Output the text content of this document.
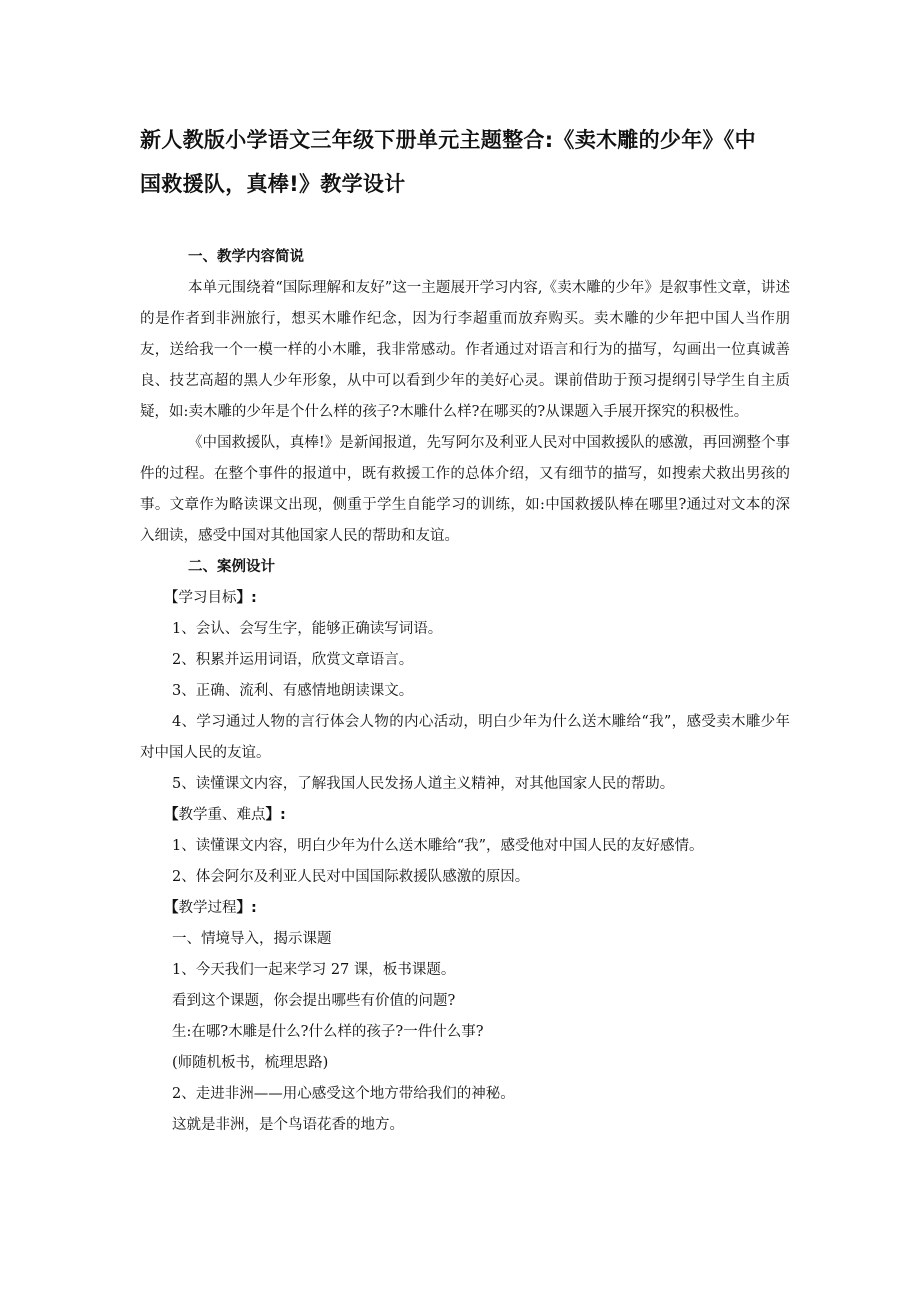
新人教版小学语文三年级下册单元主题整合:《卖木雕的少年》《中
国救援队，真棒!》教学设计

一、教学内容简说

本单元围绕着“国际理解和友好”这一主题展开学习内容,《卖木雕的少年》是叙事性文章，讲述的是作者到非洲旅行，想买木雕作纪念，因为行李超重而放弃购买。卖木雕的少年把中国人当作朋友，送给我一个一模一样的小木雕，我非常感动。作者通过对语言和行为的描写，勾画出一位真诚善良、技艺高超的黑人少年形象，从中可以看到少年的美好心灵。课前借助于预习提纲引导学生自主质疑，如:卖木雕的少年是个什么样的孩子?木雕什么样?在哪买的?从课题入手展开探究的积极性。

《中国救援队，真棒!》是新闻报道，先写阿尔及利亚人民对中国救援队的感激，再回溯整个事件的过程。在整个事件的报道中，既有救援工作的总体介绍，又有细节的描写，如搜索犬救出男孩的事。文章作为略读课文出现，侧重于学生自能学习的训练，如:中国救援队棒在哪里?通过对文本的深入细读，感受中国对其他国家人民的帮助和友谊。

二、案例设计

【学习目标】:

1、会认、会写生字，能够正确读写词语。

2、积累并运用词语，欣赏文章语言。

3、正确、流利、有感情地朗读课文。

4、学习通过人物的言行体会人物的内心活动，明白少年为什么送木雕给“我”，感受卖木雕少年对中国人民的友谊。

5、读懂课文内容，了解我国人民发扬人道主义精神，对其他国家人民的帮助。

【教学重、难点】:

1、读懂课文内容，明白少年为什么送木雕给“我”，感受他对中国人民的友好感情。

2、体会阿尔及利亚人民对中国国际救援队感激的原因。

【教学过程】:

一、情境导入，揭示课题

1、今天我们一起来学习 27 课，板书课题。

看到这个课题，你会提出哪些有价值的问题?

生:在哪?木雕是什么?什么样的孩子?一件什么事?

(师随机板书，梳理思路)

2、走进非洲——用心感受这个地方带给我们的神秘。

这就是非洲，是个鸟语花香的地方。
